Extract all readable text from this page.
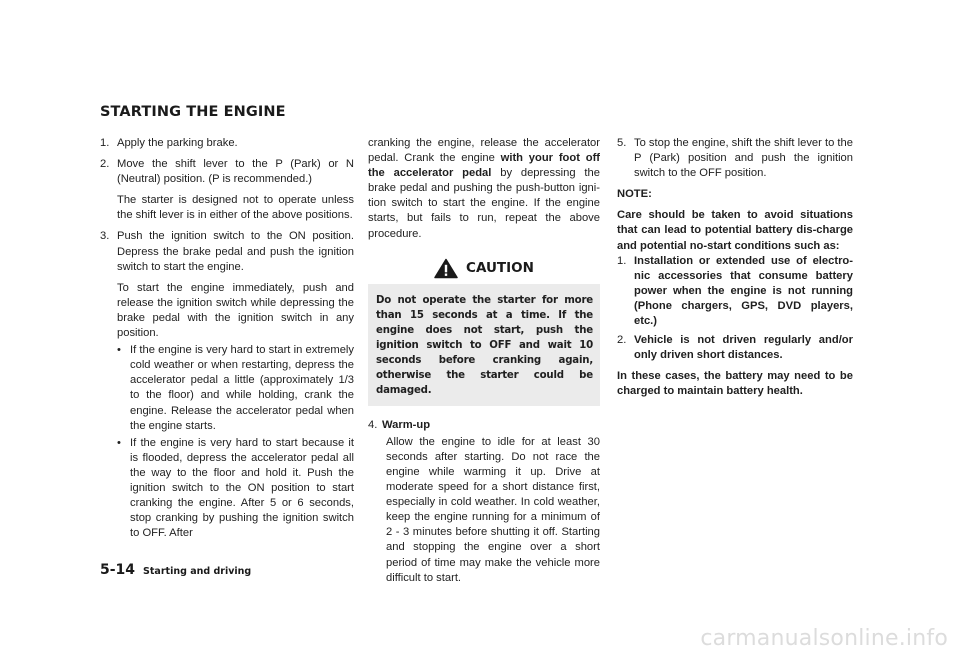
STARTING THE ENGINE
1. Apply the parking brake.
2. Move the shift lever to the P (Park) or N (Neutral) position. (P is recommended.)

The starter is designed not to operate unless the shift lever is in either of the above positions.

3. Push the ignition switch to the ON position. Depress the brake pedal and push the ignition switch to start the engine.

To start the engine immediately, push and release the ignition switch while depressing the brake pedal with the ignition switch in any position.

• If the engine is very hard to start in extremely cold weather or when restarting, depress the accelerator pedal a little (approximately 1/3 to the floor) and while holding, crank the engine. Release the accelerator pedal when the engine starts.
• If the engine is very hard to start because it is flooded, depress the accelerator pedal all the way to the floor and hold it. Push the ignition switch to the ON position to start cranking the engine. After 5 or 6 seconds, stop cranking by pushing the ignition switch to OFF. After

cranking the engine, release the accelerator pedal. Crank the engine with your foot off the accelerator pedal by depressing the brake pedal and pushing the push-button igni-tion switch to start the engine. If the engine starts, but fails to run, repeat the above procedure.

CAUTION
Do not operate the starter for more than 15 seconds at a time. If the engine does not start, push the ignition switch to OFF and wait 10 seconds before cranking again, otherwise the starter could be damaged.
4. Warm-up

Allow the engine to idle for at least 30 seconds after starting. Do not race the engine while warming it up. Drive at moderate speed for a short distance first, especially in cold weather. In cold weather, keep the engine running for a minimum of 2 - 3 minutes before shutting it off. Starting and stopping the engine over a short period of time may make the vehicle more difficult to start.

5. To stop the engine, shift the shift lever to the P (Park) position and push the ignition switch to the OFF position.

NOTE:

Care should be taken to avoid situations that can lead to potential battery dis-charge and potential no-start conditions such as:

1. Installation or extended use of electro-nic accessories that consume battery power when the engine is not running (Phone chargers, GPS, DVD players, etc.)
2. Vehicle is not driven regularly and/or only driven short distances.

In these cases, the battery may need to be charged to maintain battery health.

5-14 Starting and driving
carmanualsonline.info
